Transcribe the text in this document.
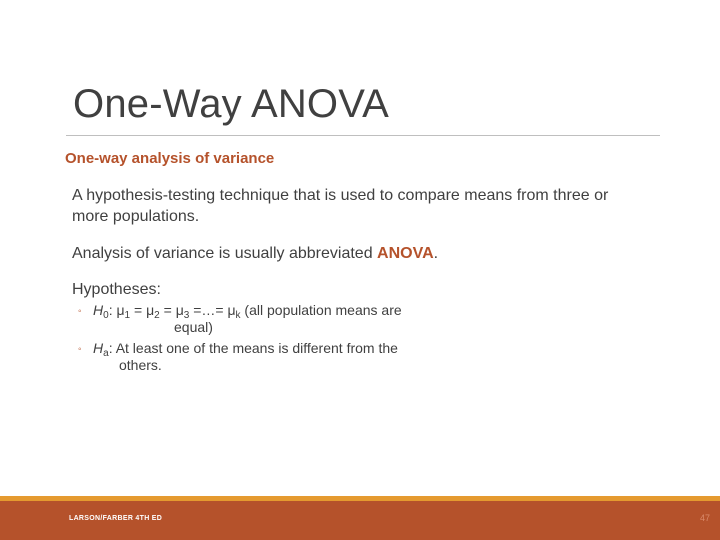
One-Way ANOVA
One-way analysis of variance
A hypothesis-testing technique that is used to compare means from three or more populations.
Analysis of variance is usually abbreviated ANOVA.
Hypotheses:
◦ $H_0$: $\mu_1 = \mu_2 = \mu_3$ =…= $\mu_k$ (all population means are
equal)
◦ $H_a$: At least one of the means is different from the
others.
LARSON/FARBER 4TH ED	47
